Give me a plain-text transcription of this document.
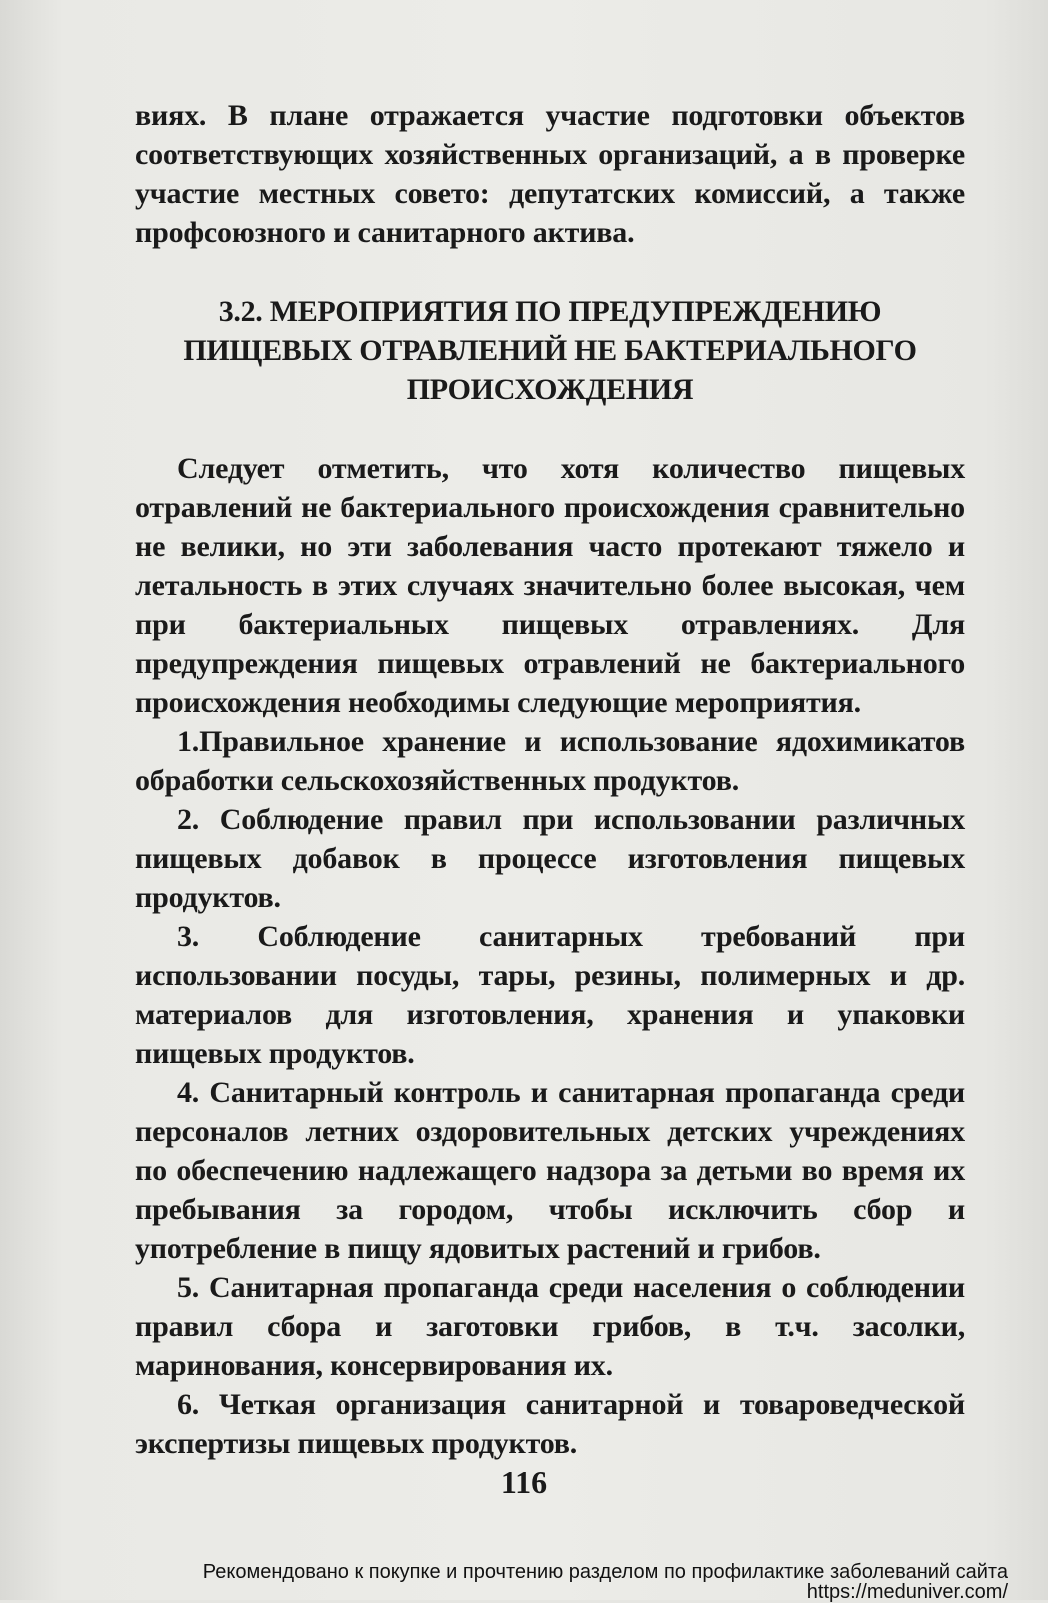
виях. В плане отражается участие подготовки объектов соответствующих хозяйственных организаций, а в проверке участие местных совето: депутатских комиссий, а также профсоюзного и санитарного актива.

3.2. МЕРОПРИЯТИЯ ПО ПРЕДУПРЕЖДЕНИЮ ПИЩЕВЫХ ОТРАВЛЕНИЙ НЕ БАКТЕРИАЛЬНОГО ПРОИСХОЖДЕНИЯ

Следует отметить, что хотя количество пищевых отравлений не бактериального происхождения сравнительно не велики, но эти заболевания часто протекают тяжело и летальность в этих случаях значительно более высокая, чем при бактериальных пищевых отравлениях. Для предупреждения пищевых отравлений не бактериального происхождения необходимы следующие мероприятия.

1.Правильное хранение и использование ядохимикатов обработки сельскохозяйственных продуктов.

2. Соблюдение правил при использовании различных пищевых добавок в процессе изготовления пищевых продуктов.

3. Соблюдение санитарных требований при использовании посуды, тары, резины, полимерных и др. материалов для изготовления, хранения и упаковки пищевых продуктов.

4. Санитарный контроль и санитарная пропаганда среди персоналов летних оздоровительных детских учреждениях по обеспечению надлежащего надзора за детьми во время их пребывания за городом, чтобы исключить сбор и употребление в пищу ядовитых растений и грибов.

5. Санитарная пропаганда среди населения о соблюдении правил сбора и заготовки грибов, в т.ч. засолки, маринования, консервирования их.

6. Четкая организация санитарной и товароведческой экспертизы пищевых продуктов.

116
Рекомендовано к покупке и прочтению разделом по профилактике заболеваний сайта https://meduniver.com/
